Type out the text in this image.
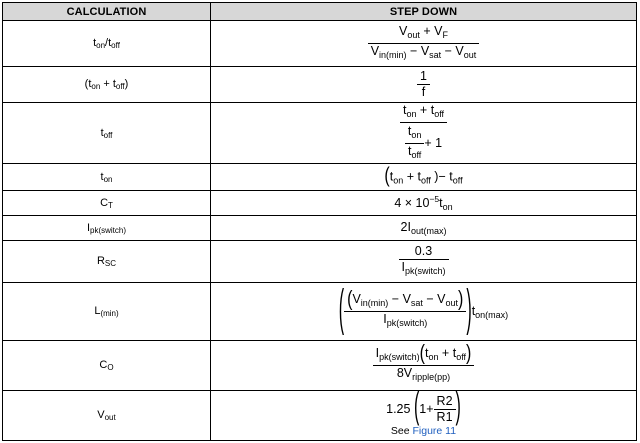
CALCULATION	STEP DOWN
$t_{on}/t_{off}$	$\frac{V_{out} + V_F}{V_{in(min)} - V_{sat} - V_{out}}$

$(t_{on} + t_{off})$	$\frac{1}{f}$

$t_{off}$	$\frac{t_{on} + t_{off}}{\frac{t_{on}}{t_{off}} + 1}$

$t_{on}$	($t_{on} + t_{off}$ )− $t_{off}$
$C_T$	$4 \times 10^{-5}t_{on}$
$I_{pk(switch)}$	$2I_{out(max)}$
$R_{SC}$	$\frac{0.3}{I_{pk(switch)}}$

$L_{(min)}$	( $\frac{(V_{in(min)} - V_{sat} - V_{out})}{I_{pk(switch)}} )t_{on(max)}$
$C_O$	$\frac{I_{pk(switch)}(t_{on} + t_{off})}{8V_{ripple(pp)}}$

$V_{out}$	1.25 ($1+ \frac{R2}{R1}$ )
See Figure 11
